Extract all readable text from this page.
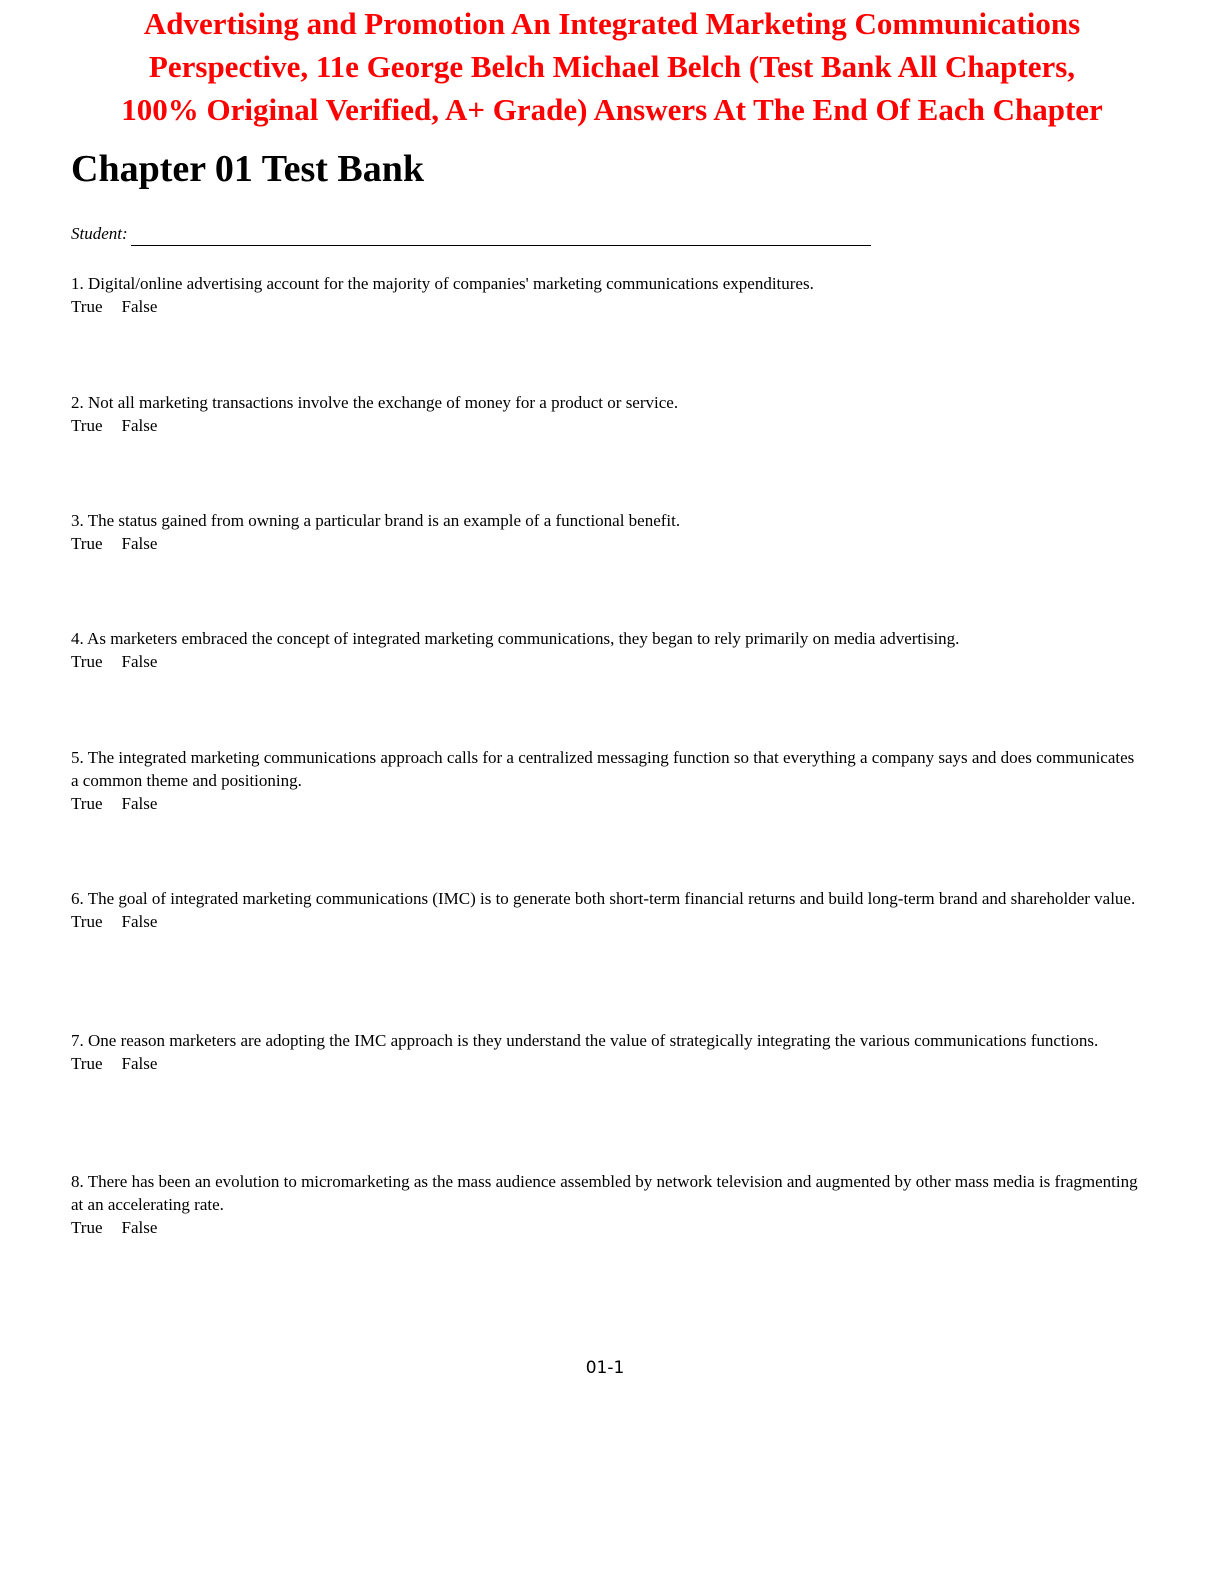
Advertising and Promotion An Integrated Marketing Communications
Perspective, 11e George Belch Michael Belch (Test Bank All Chapters,
100% Original Verified, A+ Grade) Answers At The End Of Each Chapter
Chapter 01 Test Bank
Student:
1. Digital/online advertising account for the majority of companies' marketing communications expenditures.
True False
2. Not all marketing transactions involve the exchange of money for a product or service.
True False
3. The status gained from owning a particular brand is an example of a functional benefit.
True False
4. As marketers embraced the concept of integrated marketing communications, they began to rely primarily on media advertising.
True False
5. The integrated marketing communications approach calls for a centralized messaging function so that everything a company says and does communicates a common theme and positioning.
True False
6. The goal of integrated marketing communications (IMC) is to generate both short-term financial returns and build long-term brand and shareholder value.
True False
7. One reason marketers are adopting the IMC approach is they understand the value of strategically integrating the various communications functions.
True False
8. There has been an evolution to micromarketing as the mass audience assembled by network television and augmented by other mass media is fragmenting at an accelerating rate.
True False
01-1
